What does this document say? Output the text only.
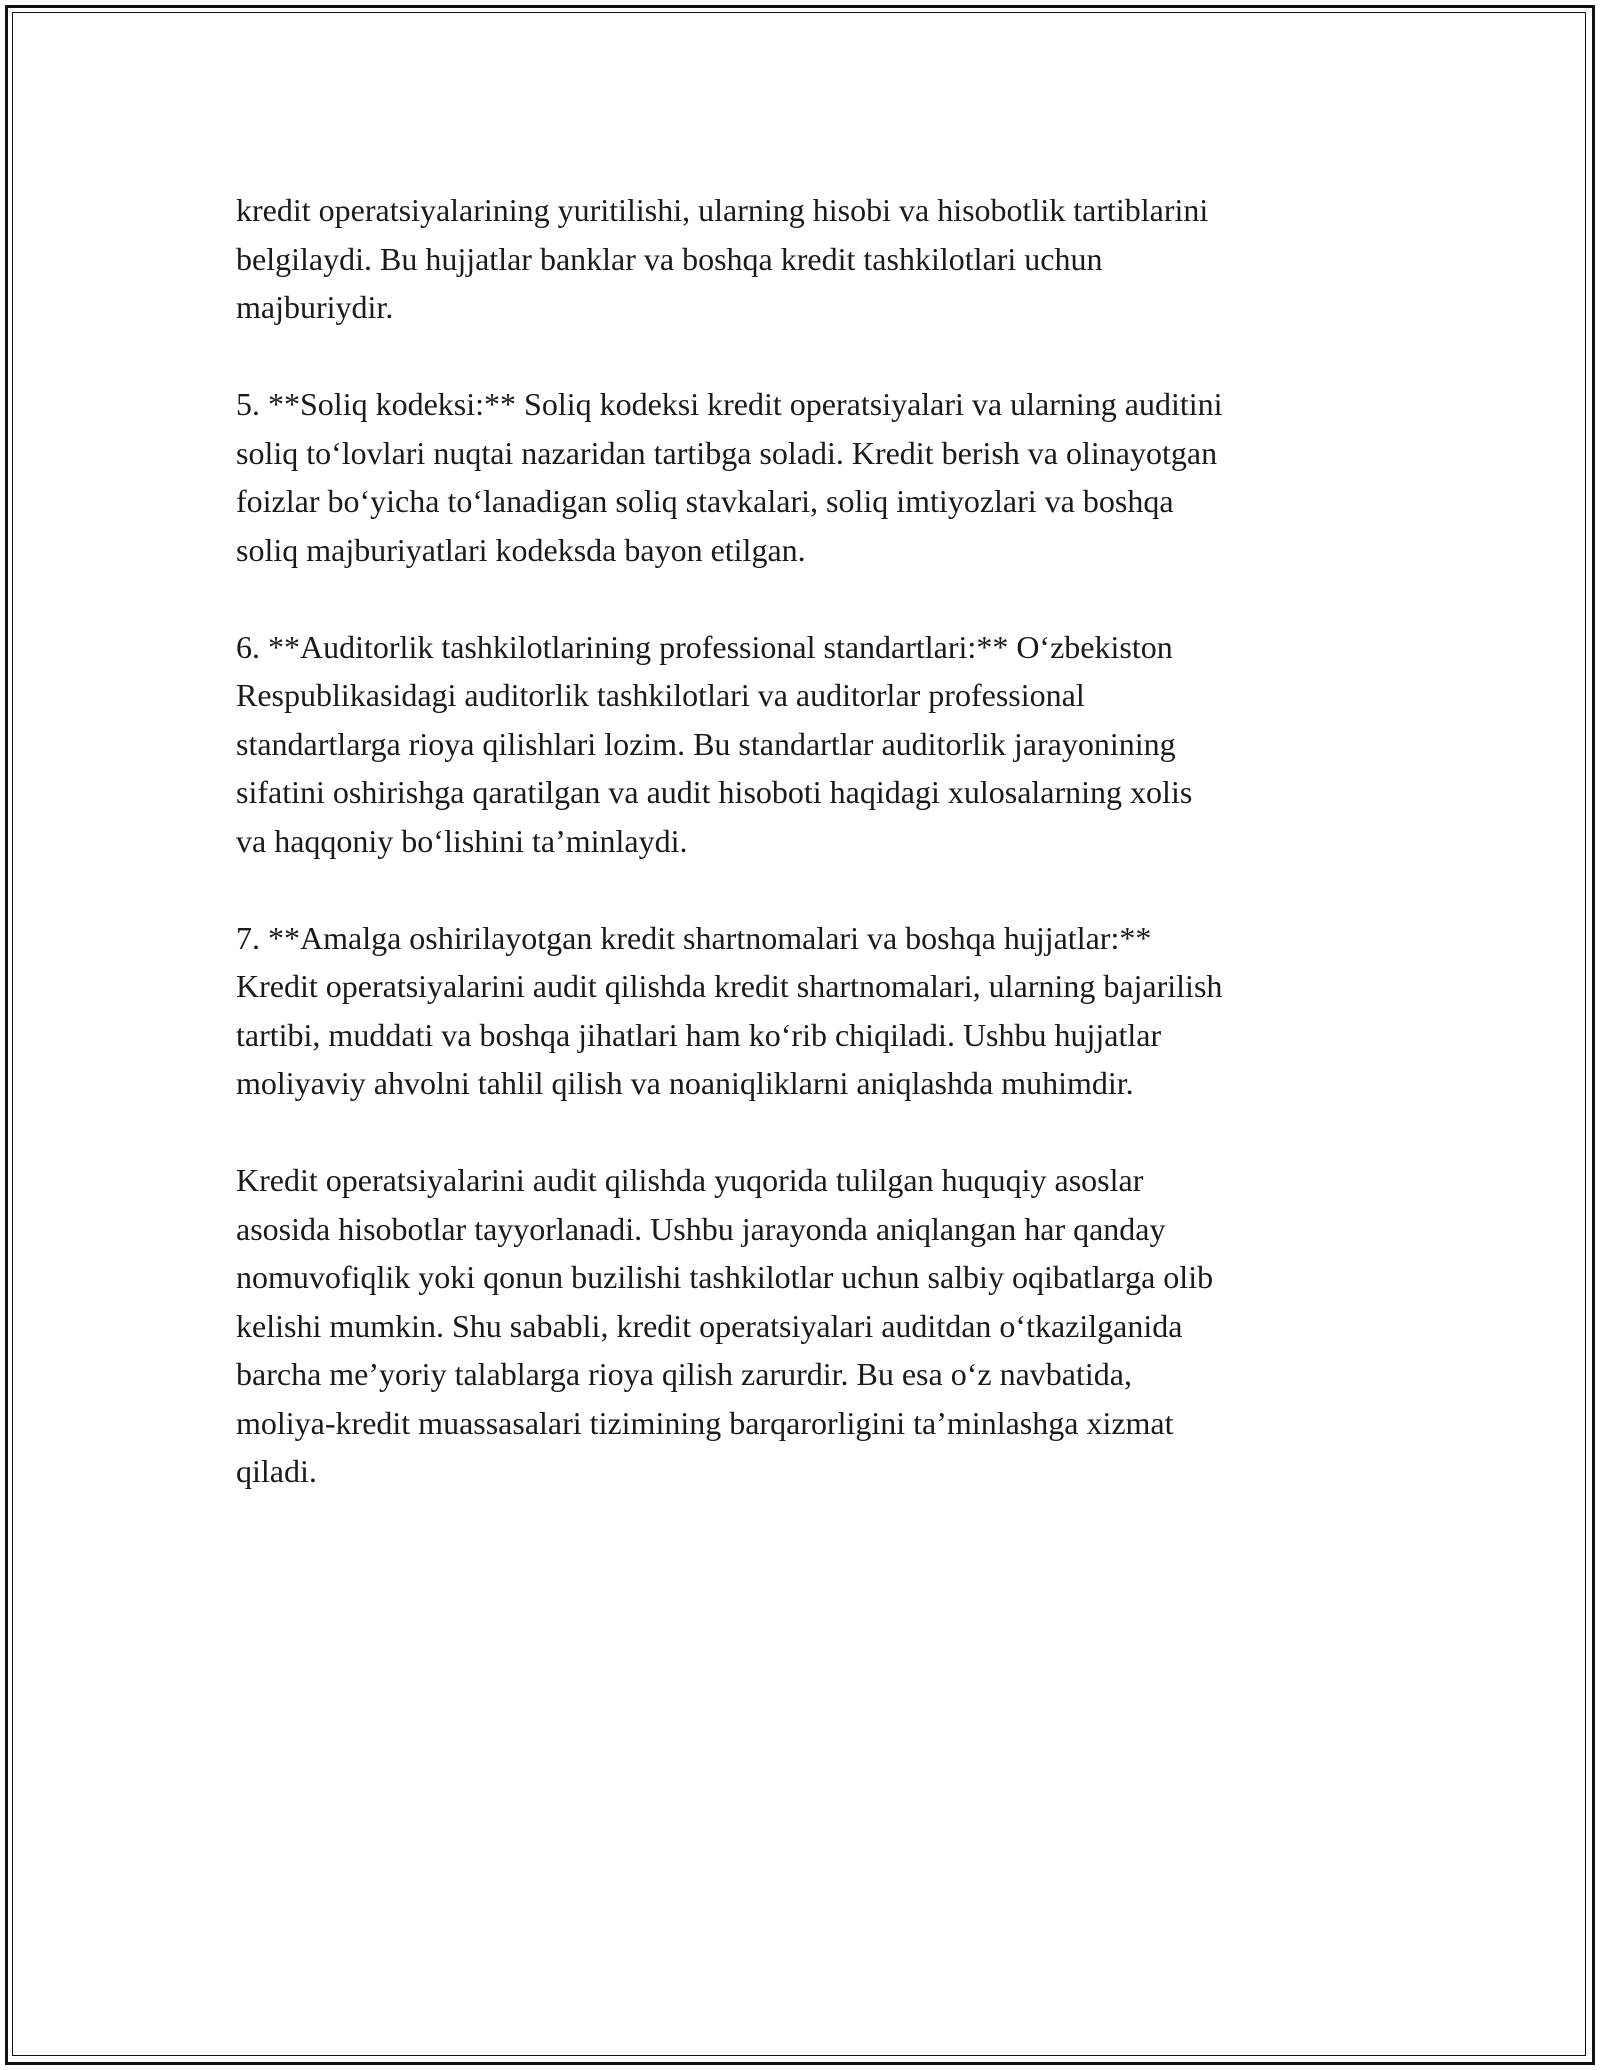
kredit operatsiyalarining yuritilishi, ularning hisobi va hisobotlik tartiblarini
belgilaydi. Bu hujjatlar banklar va boshqa kredit tashkilotlari uchun
majburiydir.

5. **Soliq kodeksi:** Soliq kodeksi kredit operatsiyalari va ularning auditini
soliq to‘lovlari nuqtai nazaridan tartibga soladi. Kredit berish va olinayotgan
foizlar bo‘yicha to‘lanadigan soliq stavkalari, soliq imtiyozlari va boshqa
soliq majburiyatlari kodeksda bayon etilgan.

6. **Auditorlik tashkilotlarining professional standartlari:** O‘zbekiston
Respublikasidagi auditorlik tashkilotlari va auditorlar professional
standartlarga rioya qilishlari lozim. Bu standartlar auditorlik jarayonining
sifatini oshirishga qaratilgan va audit hisoboti haqidagi xulosalarning xolis
va haqqoniy bo‘lishini ta’minlaydi.

7. **Amalga oshirilayotgan kredit shartnomalari va boshqa hujjatlar:**
Kredit operatsiyalarini audit qilishda kredit shartnomalari, ularning bajarilish
tartibi, muddati va boshqa jihatlari ham ko‘rib chiqiladi. Ushbu hujjatlar
moliyaviy ahvolni tahlil qilish va noaniqliklarni aniqlashda muhimdir.

Kredit operatsiyalarini audit qilishda yuqorida tulilgan huquqiy asoslar
asosida hisobotlar tayyorlanadi. Ushbu jarayonda aniqlangan har qanday
nomuvofiqlik yoki qonun buzilishi tashkilotlar uchun salbiy oqibatlarga olib
kelishi mumkin. Shu sababli, kredit operatsiyalari auditdan o‘tkazilganida
barcha me’yoriy talablarga rioya qilish zarurdir. Bu esa o‘z navbatida,
moliya-kredit muassasalari tizimining barqarorligini ta’minlashga xizmat
qiladi.
